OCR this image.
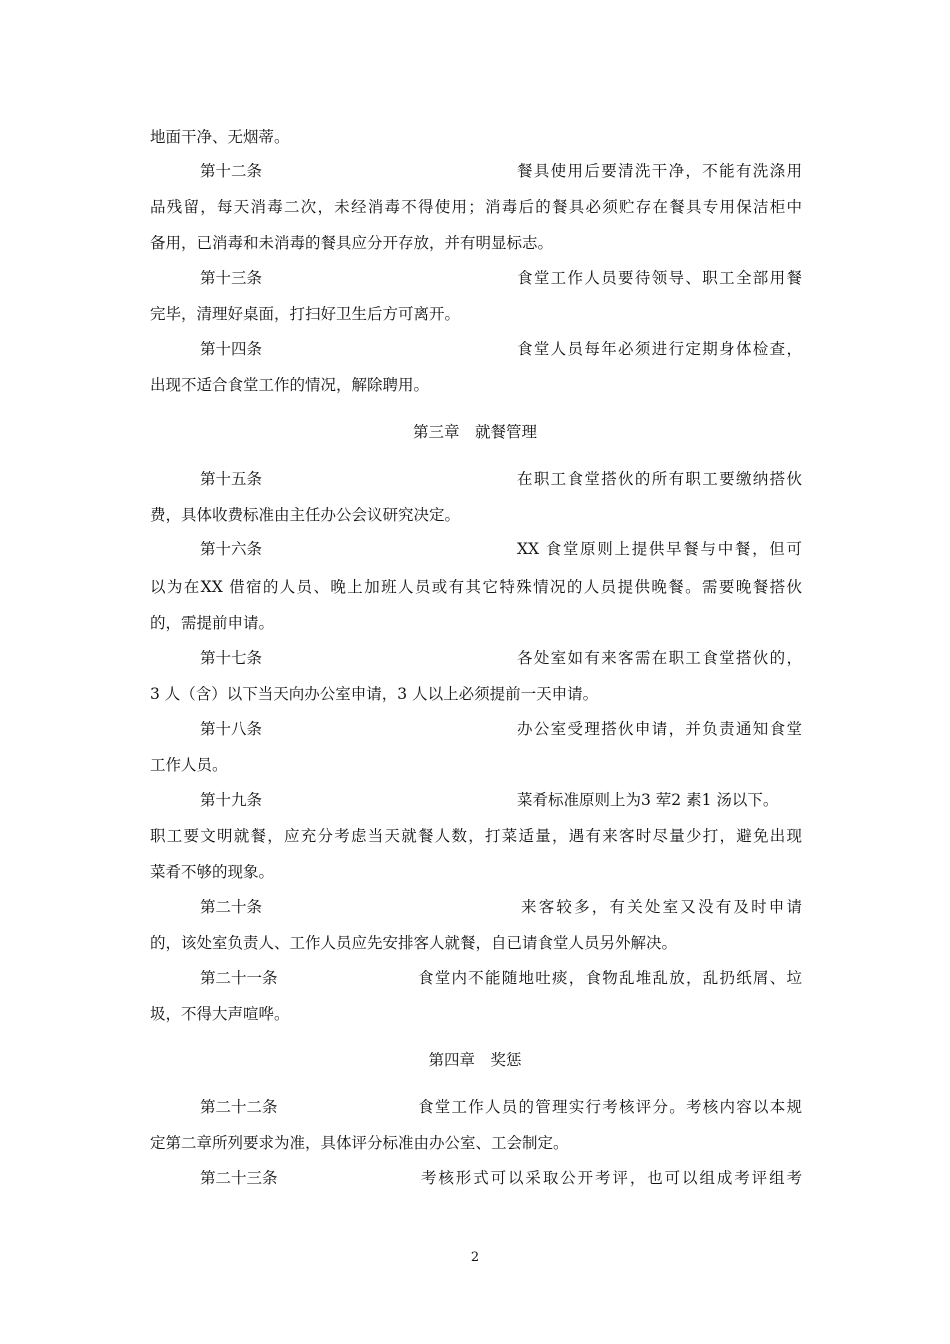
地面干净、无烟蒂。
第十二条	餐具使用后要清洗干净，不能有洗涤用
品残留，每天消毒二次，未经消毒不得使用；消毒后的餐具必须贮存在餐具专用保洁柜中
备用，已消毒和未消毒的餐具应分开存放，并有明显标志。
第十三条	食堂工作人员要待领导、职工全部用餐
完毕，清理好桌面，打扫好卫生后方可离开。
第十四条	食堂人员每年必须进行定期身体检查，
出现不适合食堂工作的情况，解除聘用。
第三章　就餐管理
第十五条	在职工食堂搭伙的所有职工要缴纳搭伙
费，具体收费标准由主任办公会议研究决定。
第十六条	XX 食堂原则上提供早餐与中餐，但可
以为在XX 借宿的人员、晚上加班人员或有其它特殊情况的人员提供晚餐。需要晚餐搭伙
的，需提前申请。
第十七条	各处室如有来客需在职工食堂搭伙的，
3 人（含）以下当天向办公室申请，3 人以上必须提前一天申请。
第十八条	办公室受理搭伙申请，并负责通知食堂
工作人员。
第十九条	菜肴标准原则上为3 荤2 素1 汤以下。
职工要文明就餐，应充分考虑当天就餐人数，打菜适量，遇有来客时尽量少打，避免出现
菜肴不够的现象。
第二十条	来客较多，有关处室又没有及时申请
的，该处室负责人、工作人员应先安排客人就餐，自已请食堂人员另外解决。
第二十一条	食堂内不能随地吐痰，食物乱堆乱放，乱扔纸屑、垃
圾，不得大声喧哗。
第四章　奖惩
第二十二条	食堂工作人员的管理实行考核评分。考核内容以本规
定第二章所列要求为准，具体评分标准由办公室、工会制定。
第二十三条	考核形式可以采取公开考评，也可以组成考评组考
2
